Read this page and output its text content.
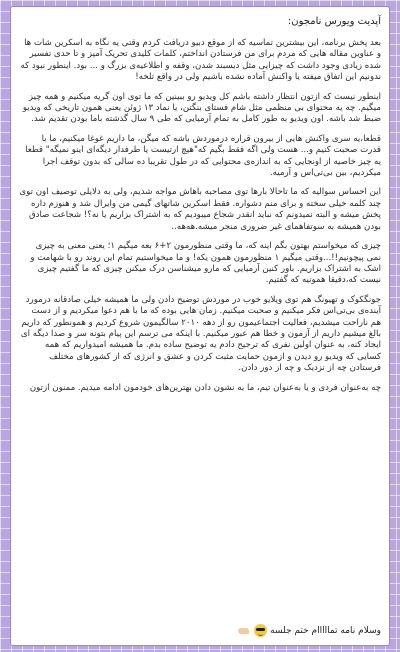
آپدیت ویورس نامجون:
بعد پخش برنامه، این بیشترین تماسیه که از موقع دبیو دریافت کردم وقتی یه نگاه به اسکرین شات ها و عناوین مقاله هایی که مردم برای من فرستادن انداختم، کلمات کلیدی تحریک آمیز و تا حدی تفسیر شده زیادی وجود داشت که چیزایی مثل دیسبند شدن، وقفه و اطلاعیه‌ی بزرگ و ... بود. اینطور نبود که ندونیم این اتفاق میفته یا واکنش آماده نشده باشیم ولی در واقع تلخه!
اینطور نیست که ازتون انتظار داشته باشم کل ویدیو رو ببینین که ما توی اون گریه میکنیم و همه چیز میگیم. چه یه محتوای بی منظمی مثل شام فستای بنگتن، یا نماد ۱۳ ژوئن یعنی همون تاریخی که ویدیو ضبط شد باشه. اون ویدیو به طور کامل به تمام آرمیایی که طی ۹ سال گذشته باما بودن تقدیم شد.
قطعا،یه سری واکنش هایی از بیرون قراره درموردش باشه که میگن، ما داریم غوغا میکنیم، ما با قدرت صحبت کنیم و... هست ولی اگه فقط بگیم که"هیچ ارتیست یا طرفدار دیگه‌ای اینو نمیگه" قطعا یه چیز خاصیه از اونجایی که به اندازه‌ی محتوایی که در طول تقریبا ده سالی که بدون توقف اجرا میکردیم، بین بی‌تی‌اس و آرمیه.
این احساس سوالیه که ما تاحالا بارها توی مصاحبه باهاش مواجه شدیم، ولی به دلایلی توصیف اون توی چند کلمه خیلی سخته و برای منم دشواره. فقط اسکرین شاتهای گیمی من وایرال شد و هنوزم داره پخش میشه و البته نمیدونم که نباید انقدر شجاع میبودیم که به اشتراک بزاریم یا نه؟! شجاعت صادق بودن همیشه به سوتفاهمای غیر ضروری منجر میشه.هه‌هه..
چیزی که میخواستم بهتون بگم اینه که، ما وقتی منظورمون ۲+۶ بعه میگیم ۱؛ یعنی معنی به چیزی نمی پیچونیم!!...وقتی میگیم ۱ منظورمون همون یکه! و ما میخواستیم تمام این روند رو با شهامت و اشک به اشتراک بزاریم. باور کنین آرمیایی که مارو میشناسن درک میکنن چیزی که ما گفتیم چیزی نیست که،دقیقا همونیه که گفتیم.
جونگکوک و تهیونگ هم توی ویلایو خوب در موردش توضیح دادن ولی ما همیشه خیلی صادقانه درمورد آینده‌ی بی‌تی‌اس فکر میکنیم و صحبت میکنیم. زمان هایی بوده که ما با هم دعوا میکردیم و از دست هم ناراحت میشدیم، فعالیت اجتماعیمون رو از دهه ۲۰۱۰ سالگیمون شروع کردیم و همونطور که داریم بالغ میشیم داریم از آزمون و خطا هم عبور میکنیم. با اینکه می ترسم این پیام بتونه سر و صدا دیگه ای ایجاد کنه، به عنوان اولین نفری که ترجیح دادم یه توضیح ساده بدم. ما همیشه امیدواریم که همه کسایی که ویدیو رو دیدن و ازمون حمایت مثبت کردن و عشق و انرژی که از کشورهای مختلف فرستادن چه از نزدیک و چه از دور دادن.
چه به‌عنوان فردی و یا به‌عنوان تیم، ما به نشون دادن بهترین‌های خودمون ادامه میدیم. ممنون ازتون
وسلام نامه تمااااام ختم جلسه
